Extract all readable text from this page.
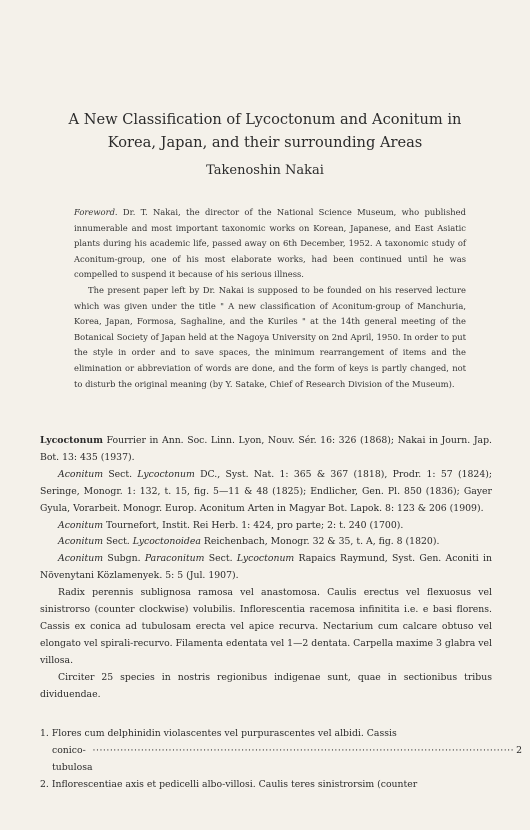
A New Classification of Lycoctonum and Aconitum in
Korea, Japan, and their surrounding Areas
Takenoshin Nakai

Foreword. Dr. T. Nakai, the director of the National Science Museum, who published innumerable and most important taxonomic works on Korean, Japanese, and East Asiatic plants during his academic life, passed away on 6th December, 1952. A taxonomic study of Aconitum-group, one of his most elaborate works, had been continued until he was compelled to suspend it because of his serious illness.

The present paper left by Dr. Nakai is supposed to be founded on his reserved lecture which was given under the title " A new classification of Aconitum-group of Manchuria, Korea, Japan, Formosa, Saghaline, and the Kuriles " at the 14th general meeting of the Botanical Society of Japan held at the Nagoya University on 2nd April, 1950. In order to put the style in order and to save spaces, the minimum rearrangement of items and the elimination or abbreviation of words are done, and the form of keys is partly changed, not to disturb the original meaning (by Y. Satake, Chief of Research Division of the Museum).

Lycoctonum Fourrier in Ann. Soc. Linn. Lyon, Nouv. Sér. 16: 326 (1868); Nakai in Journ. Jap. Bot. 13: 435 (1937).

Aconitum Sect. Lycoctonum DC., Syst. Nat. 1: 365 & 367 (1818), Prodr. 1: 57 (1824); Seringe, Monogr. 1: 132, t. 15, fig. 5—11 & 48 (1825); Endlicher, Gen. Pl. 850 (1836); Gayer Gyula, Vorarbeit. Monogr. Europ. Aconitum Arten in Magyar Bot. Lapok. 8: 123 & 206 (1909).

Aconitum Tournefort, Instit. Rei Herb. 1: 424, pro parte; 2: t. 240 (1700).

Aconitum Sect. Lycoctonoidea Reichenbach, Monogr. 32 & 35, t. A, fig. 8 (1820).

Aconitum Subgn. Paraconitum Sect. Lycoctonum Rapaics Raymund, Syst. Gen. Aconiti in Növenytani Közlamenyek. 5: 5 (Jul. 1907).

Radix perennis sublignosa ramosa vel anastomosa. Caulis erectus vel flexuosus vel sinistrorso (counter clockwise) volubilis. Inflorescentia racemosa infinitita i.e. e basi florens. Cassis ex conica ad tubulosam erecta vel apice recurva. Nectarium cum calcare obtuso vel elongato vel spirali-recurvo. Filamenta edentata vel 1—2 dentata. Carpella maxime 3 glabra vel villosa.

Circiter 25 species in nostris regionibus indigenae sunt, quae in sectionibus tribus dividuendae.

1. Flores cum delphinidin violascentes vel purpurascentes vel albidi. Cassis

conico-tubulosa
·························································································································· 2

2. Inflorescentiae axis et pedicelli albo-villosi. Caulis teres sinistrorsim (counter
